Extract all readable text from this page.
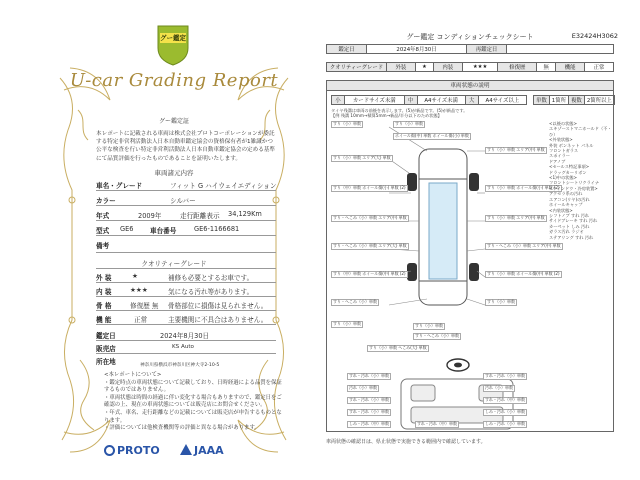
グー鑑定
U-car Grading Report
グー鑑定証
本レポートに記載される車両は株式会社プロトコーポレーションが委託する特定非営利活動法人日本自動車鑑定協会の資格保有者が1雑識かつ公平な検査を行い特定非営利活動法人日本自動車鑑定協会の定める基準にて品質評価を行ったものであることを証明いたします。
車両諸元内容
車名・グレード	フィット G ハイウェイエディション
カラー	シルバー
年式	2009年	走行距離表示 34,129Km
型式 GE6	車台番号	GE6-1166681
備考
クオリティーグレード
外 装	★	補修も必要とするお車です。
内 装	★★★	気になる汚れ等があります。
骨 格	修復歴 無 骨格部位に損傷は見られません。
機 能	正常	主要機関に不具合はありません。
鑑定日	2024年8月30日
販売店	KS Auto
所在地	神奈川県横浜市神奈川区神大寺2-10-5
<本レポートについて>
・鑑定時点の車両状態について記載しており、日時経過による品質を保証するものではありません。
・車両状態は時間の経過に伴い変化する場合もありますので、鑑定日をご確認の上、現在の車両状態については販売店にお問合せください。
・年式、車名、走行距離などの記載については販売店が申告するものとなります。
・評価については他検査機関等の評価と異なる場合があります。
PROTO	JAAA
グー鑑定 コンディションチェックシート	E32424H3062
鑑定日	2024年8月30日	再鑑定日	
クオリティーグレード	外装	★	内装	★★★	修復歴	無	機能	正常
車両状態の説明
小	カードサイズ未満	中	A4サイズ未満	大	A4サイズ以上	単数	1箇所	複数	2箇所以上
タイヤ残溝は車両の前後を表示します。(5)が新品です。(5)が新品です。
【例 残溝 10mm→積算5mm→新品/半分以下のため状態】
すり（小）単数
すり（小）単数 エリア(大) 単数
すり（中）単数 ホイール傷(小) 単数 (2)
すり・へこみ（小）単数 エリア(中) 単数
すり・へこみ（小）単数 エリア(大) 単数
すり（中）単数 ホイール傷(中) 単数 (2)
すり・へこみ（小）単数
すり（小）単数
すり（小）単数
ホイール傷(中) 単数 ホイール傷(小) 単数
すり（小）単数
すり・へこみ（小）単数
すり（小）単数 へこみ(大) 単数
すり（小）単数 エリア(中) 単数
すり（小）単数 ホイール傷(小) 単数 (2)
すり（小）単数 エリア(中) 単数
すり・へこみ（小）単数 エリア(中) 単数
すり（小）単数 ホイール傷(中) 単数 (2)
すり（小）単数
すれ・汚れ（小）単数	すれ・汚れ（小）単数
汚れ（小）単数	汚れ（小）単数
すれ・汚れ（小）単数	すれ・汚れ（中）単数
すれ・汚れ（小）単数	しみ・汚れ（小）単数
しみ・汚れ（中）単数	しみ・汚れ（小）単数
すれ・汚れ（中）単数
<以後の状態>
エキゾーストマニホールド（不・ひ）
<外装状態>
外装 ボンネット パネル
フロントガラス
スポイラー
ドアノブ
<セールス特記事項>
ドラッグカーリボン
<1)中の状態>
フロントシートリクライナ
<ウインドウ・冷房装置>
アクセラ系の汚れ
エアコン(リヤ)の汚れ
ホイールキャップ
<内装状態>
シフトノブ すれ 汚れ
サイドブレーキ すれ 汚れ
カーペット しみ 汚れ
ガラス汚れ ラジオ
ステアリング すれ 汚れ
車両状態の確認日は、県止状態で実施できる範囲内で確認しています。
